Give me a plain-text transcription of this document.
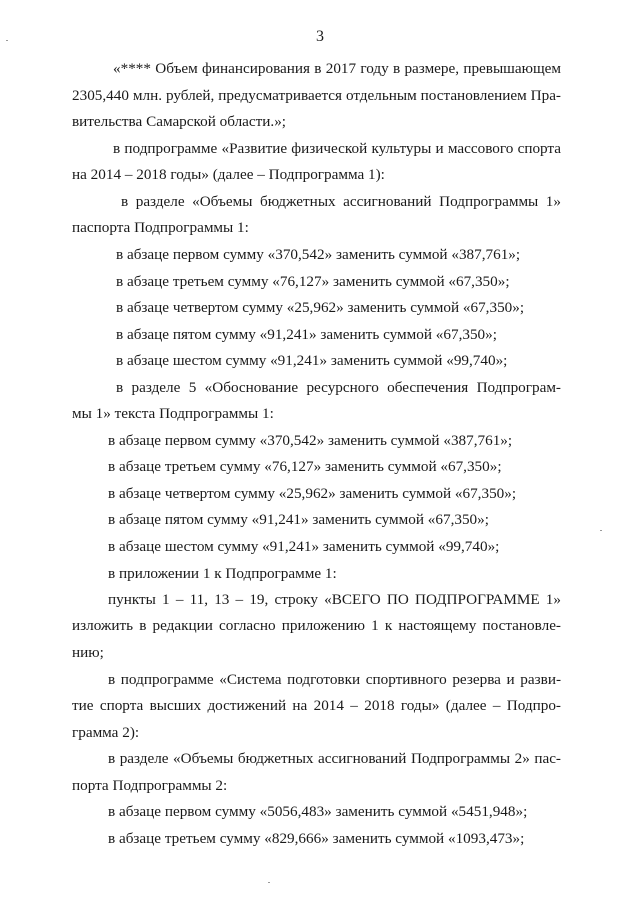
3
«**** Объем финансирования в 2017 году в размере, превышающем
2305,440 млн. рублей, предусматривается отдельным постановлением Пра-
вительства Самарской области.»;
в подпрограмме «Развитие физической культуры и массового спорта
на 2014 – 2018 годы» (далее – Подпрограмма 1):
в разделе «Объемы бюджетных ассигнований Подпрограммы 1»
паспорта Подпрограммы 1:
в абзаце первом сумму «370,542» заменить суммой «387,761»;
в абзаце третьем сумму «76,127» заменить суммой «67,350»;
в абзаце четвертом сумму «25,962» заменить суммой «67,350»;
в абзаце пятом сумму «91,241» заменить суммой «67,350»;
в абзаце шестом сумму «91,241» заменить суммой «99,740»;
в разделе 5 «Обоснование ресурсного обеспечения Подпрограм-
мы 1» текста Подпрограммы 1:
в абзаце первом сумму «370,542» заменить суммой «387,761»;
в абзаце третьем сумму «76,127» заменить суммой «67,350»;
в абзаце четвертом сумму «25,962» заменить суммой «67,350»;
в абзаце пятом сумму «91,241» заменить суммой «67,350»;
в абзаце шестом сумму «91,241» заменить суммой «99,740»;
в приложении 1 к Подпрограмме 1:
пункты 1 – 11, 13 – 19, строку «ВСЕГО ПО ПОДПРОГРАММЕ 1»
изложить в редакции согласно приложению 1 к настоящему постановле-
нию;
в подпрограмме «Система подготовки спортивного резерва и разви-
тие спорта высших достижений на 2014 – 2018 годы» (далее – Подпро-
грамма 2):
в разделе «Объемы бюджетных ассигнований Подпрограммы 2» пас-
порта Подпрограммы 2:
в абзаце первом сумму «5056,483» заменить суммой «5451,948»;
в абзаце третьем сумму «829,666» заменить суммой «1093,473»;
